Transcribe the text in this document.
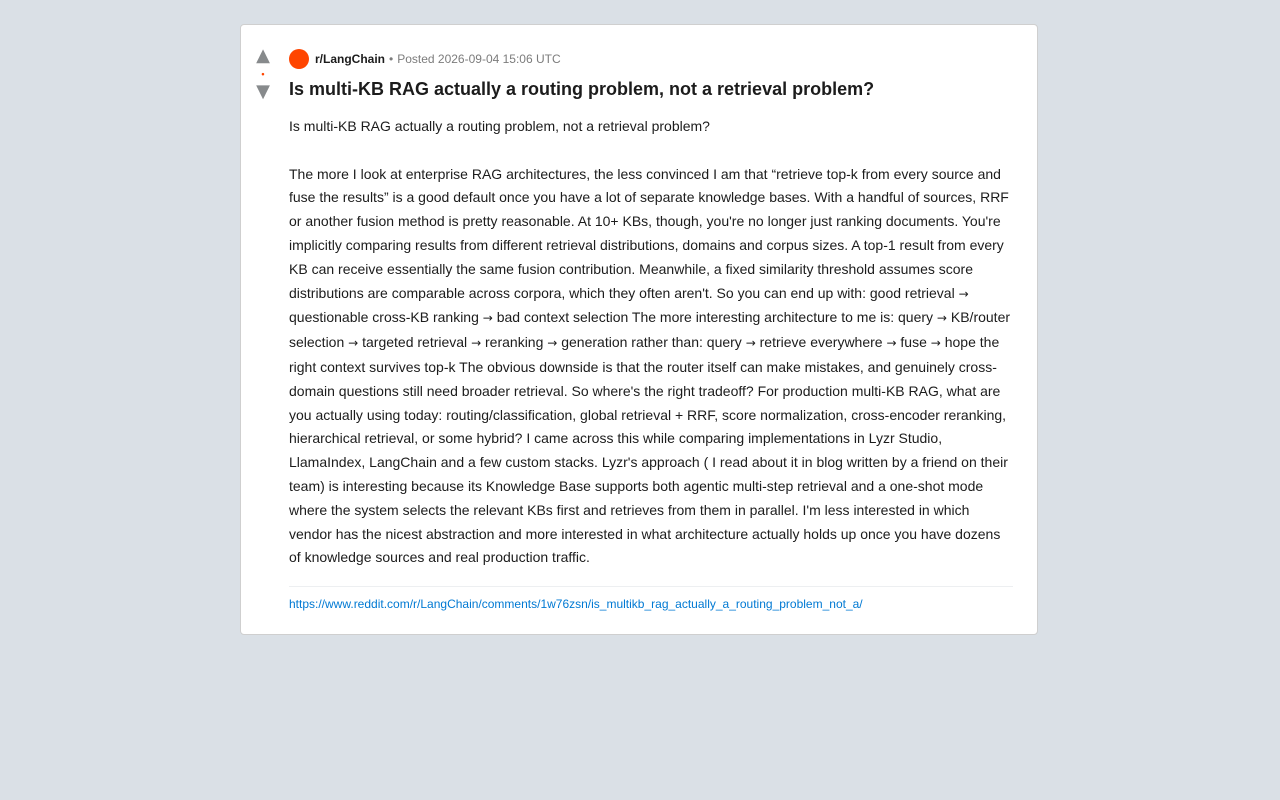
▲
•
▼
r/LangChain • Posted 2026-09-04 15:06 UTC
Is multi-KB RAG actually a routing problem, not a retrieval problem?

Is multi-KB RAG actually a routing problem, not a retrieval problem?

The more I look at enterprise RAG architectures, the less convinced I am that “retrieve top-k from every source and fuse the results” is a good default once you have a lot of separate knowledge bases. With a handful of sources, RRF or another fusion method is pretty reasonable. At 10+ KBs, though, you're no longer just ranking documents. You're implicitly comparing results from different retrieval distributions, domains and corpus sizes. A top-1 result from every KB can receive essentially the same fusion contribution. Meanwhile, a fixed similarity threshold assumes score distributions are comparable across corpora, which they often aren't. So you can end up with: good retrieval → questionable cross-KB ranking → bad context selection The more interesting architecture to me is: query → KB/router selection → targeted retrieval → reranking → generation rather than: query → retrieve everywhere → fuse → hope the right context survives top-k The obvious downside is that the router itself can make mistakes, and genuinely cross-domain questions still need broader retrieval. So where's the right tradeoff? For production multi-KB RAG, what are you actually using today: routing/classification, global retrieval + RRF, score normalization, cross-encoder reranking, hierarchical retrieval, or some hybrid? I came across this while comparing implementations in Lyzr Studio, LlamaIndex, LangChain and a few custom stacks. Lyzr's approach ( I read about it in blog written by a friend on their team) is interesting because its Knowledge Base supports both agentic multi-step retrieval and a one-shot mode where the system selects the relevant KBs first and retrieves from them in parallel. I'm less interested in which vendor has the nicest abstraction and more interested in what architecture actually holds up once you have dozens of knowledge sources and real production traffic.

https://www.reddit.com/r/LangChain/comments/1w76zsn/is_multikb_rag_actually_a_routing_problem_not_a/
